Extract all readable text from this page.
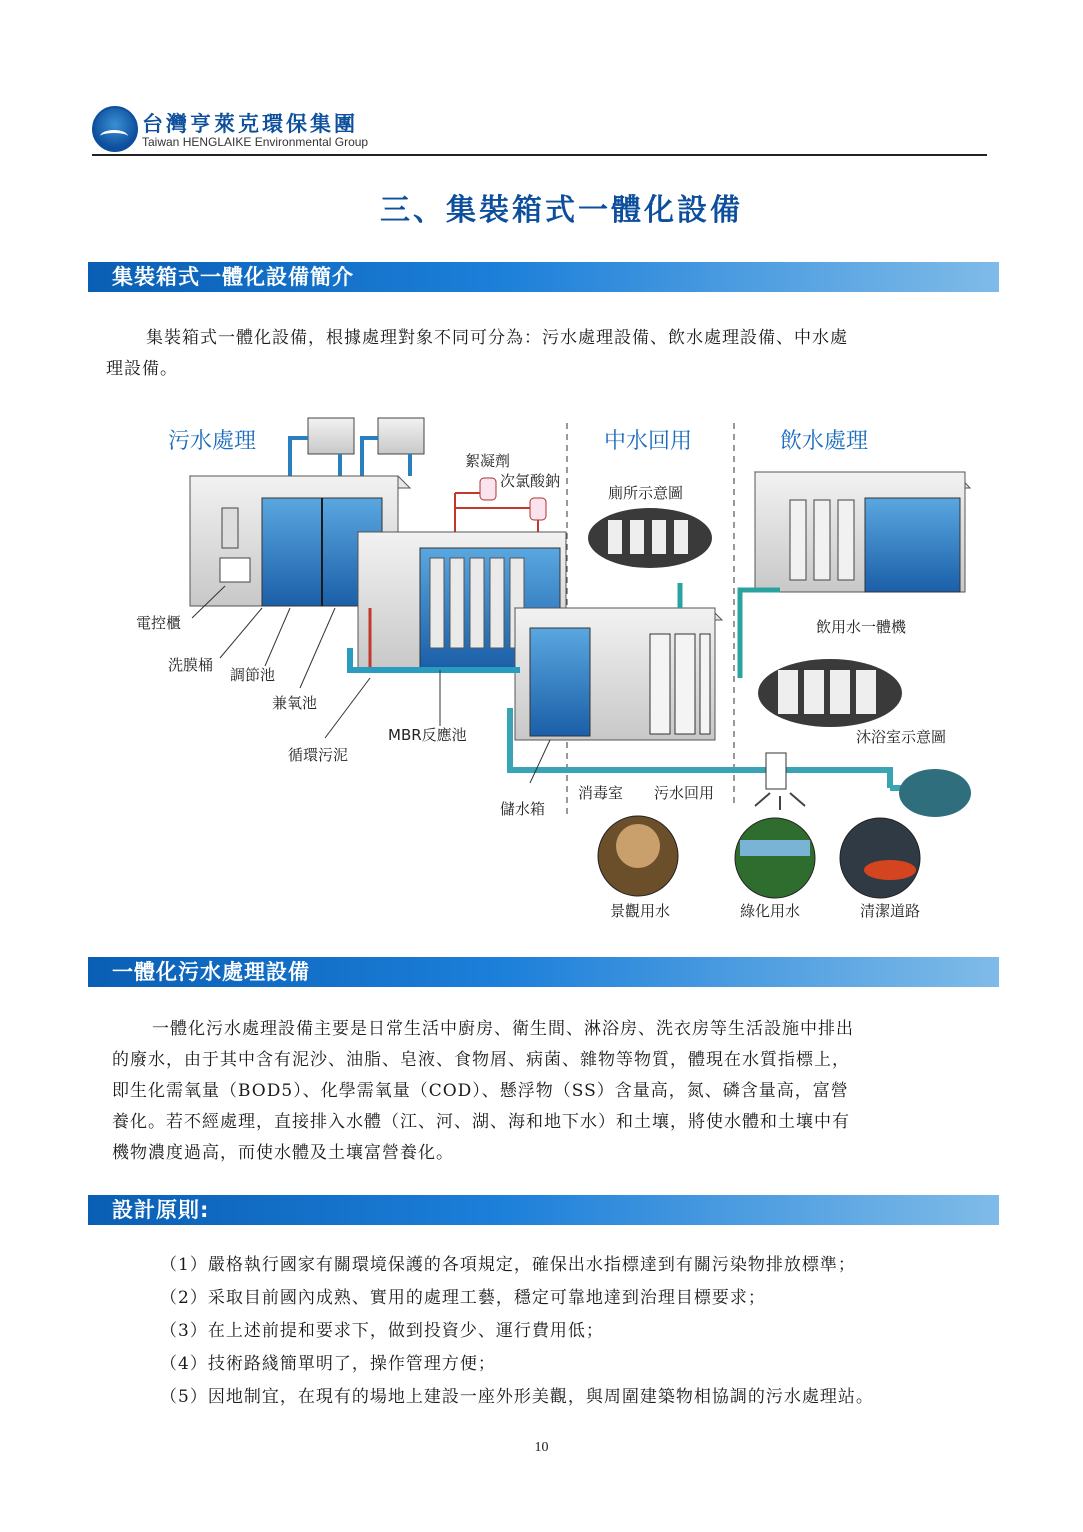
台灣亨萊克環保集團
Taiwan HENGLAIKE Environmental Group
三、集裝箱式一體化設備
集裝箱式一體化設備簡介
集裝箱式一體化設備，根據處理對象不同可分為：污水處理設備、飲水處理設備、中水處
理設備。
污水處理	中水回用	飲水處理
絮凝劑
次氯酸鈉
廁所示意圖
電控櫃
洗膜桶
調節池
兼氧池
循環污泥
MBR反應池
儲水箱
消毒室 污水回用
飲用水一體機
沐浴室示意圖
景觀用水	綠化用水	清潔道路
一體化污水處理設備
一體化污水處理設備主要是日常生活中廚房、衛生間、淋浴房、洗衣房等生活設施中排出
的廢水，由于其中含有泥沙、油脂、皂液、食物屑、病菌、雜物等物質，體現在水質指標上，
即生化需氧量（BOD5）、化學需氧量（COD）、懸浮物（SS）含量高，氮、磷含量高，富營
養化。若不經處理，直接排入水體（江、河、湖、海和地下水）和土壤，將使水體和土壤中有
機物濃度過高，而使水體及土壤富營養化。
設計原則:
（1）嚴格執行國家有關環境保護的各項規定，確保出水指標達到有關污染物排放標準；
（2）采取目前國內成熟、實用的處理工藝，穩定可靠地達到治理目標要求；
（3）在上述前提和要求下，做到投資少、運行費用低；
（4）技術路綫簡單明了，操作管理方便；
（5）因地制宜，在現有的場地上建設一座外形美觀，與周圍建築物相協調的污水處理站。
10
